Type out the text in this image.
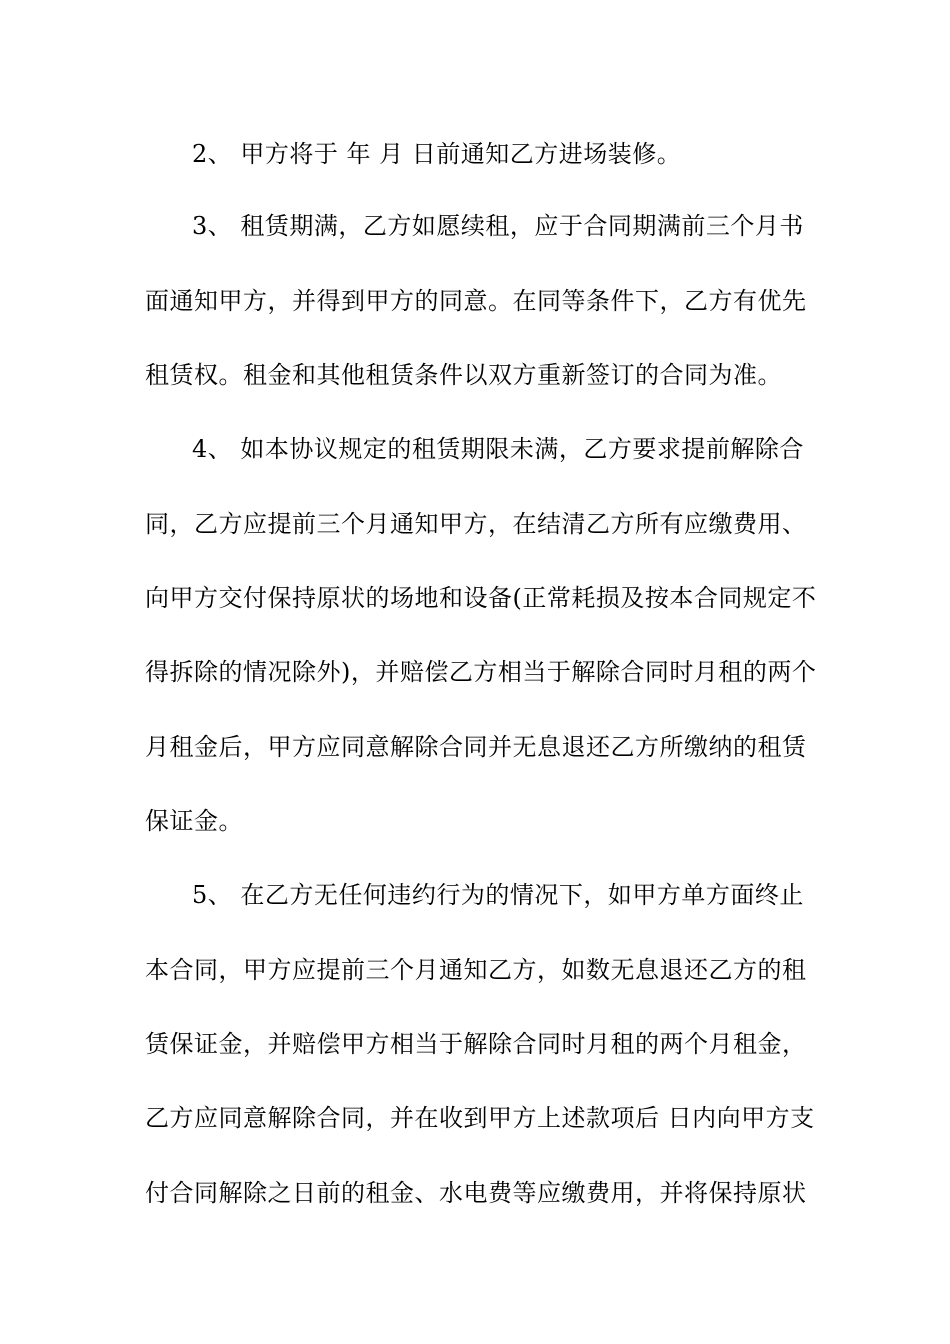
2、 甲方将于 年 月 日前通知乙方进场装修。
3、 租赁期满，乙方如愿续租，应于合同期满前三个月书
面通知甲方，并得到甲方的同意。在同等条件下，乙方有优先
租赁权。租金和其他租赁条件以双方重新签订的合同为准。
4、 如本协议规定的租赁期限未满，乙方要求提前解除合
同，乙方应提前三个月通知甲方，在结清乙方所有应缴费用、
向甲方交付保持原状的场地和设备(正常耗损及按本合同规定不
得拆除的情况除外)，并赔偿乙方相当于解除合同时月租的两个
月租金后，甲方应同意解除合同并无息退还乙方所缴纳的租赁
保证金。
5、 在乙方无任何违约行为的情况下，如甲方单方面终止
本合同，甲方应提前三个月通知乙方，如数无息退还乙方的租
赁保证金，并赔偿甲方相当于解除合同时月租的两个月租金，
乙方应同意解除合同，并在收到甲方上述款项后 日内向甲方支
付合同解除之日前的租金、水电费等应缴费用，并将保持原状
